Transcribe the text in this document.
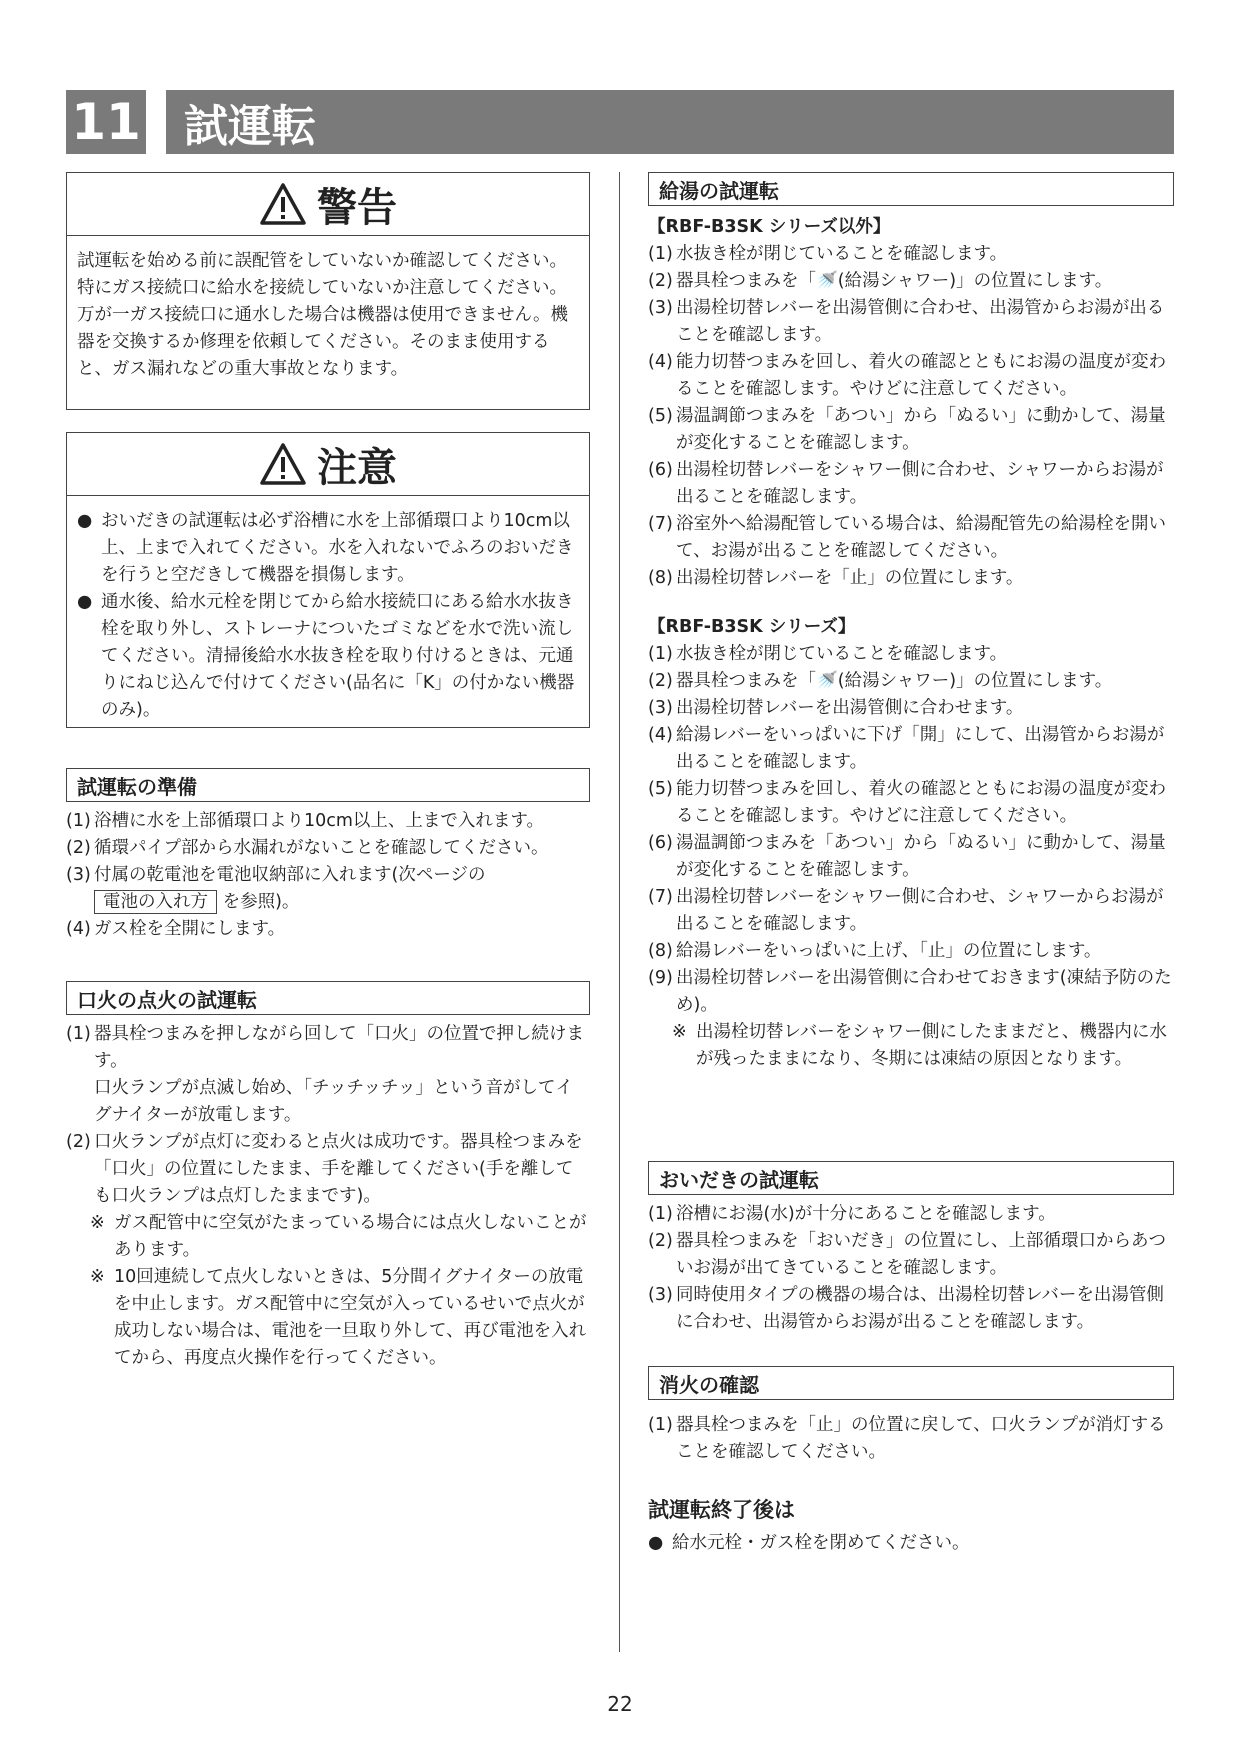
11 試運転
警告

試運転を始める前に誤配管をしていないか確認してください。特にガス接続口に給水を接続していないか注意してください。万が一ガス接続口に通水した場合は機器は使用できません。機器を交換するか修理を依頼してください。そのまま使用すると、ガス漏れなどの重大事故となります。

注意
● おいだきの試運転は必ず浴槽に水を上部循環口より10cm以上、上まで入れてください。水を入れないでふろのおいだきを行うと空だきして機器を損傷します。
● 通水後、給水元栓を閉じてから給水接続口にある給水水抜き栓を取り外し、ストレーナについたゴミなどを水で洗い流してください。清掃後給水水抜き栓を取り付けるときは、元通りにねじ込んで付けてください(品名に「K」の付かない機器のみ)。
試運転の準備
(1) 浴槽に水を上部循環口より10cm以上、上まで入れます。
(2) 循環パイプ部から水漏れがないことを確認してください。
(3) 付属の乾電池を電池収納部に入れます(次ページの 電池の入れ方 を参照)。
(4) ガス栓を全開にします。
口火の点火の試運転
(1) 器具栓つまみを押しながら回して「口火」の位置で押し続けます。
口火ランプが点滅し始め、「チッチッチッ」という音がしてイグナイターが放電します。
(2) 口火ランプが点灯に変わると点火は成功です。器具栓つまみを「口火」の位置にしたまま、手を離してください(手を離しても口火ランプは点灯したままです)。
※ ガス配管中に空気がたまっている場合には点火しないことがあります。
※ 10回連続して点火しないときは、5分間イグナイターの放電を中止します。ガス配管中に空気が入っているせいで点火が成功しない場合は、電池を一旦取り外して、再び電池を入れてから、再度点火操作を行ってください。
給湯の試運転
【RBF-B3SK シリーズ以外】
(1) 水抜き栓が閉じていることを確認します。
(2) 器具栓つまみを「🚿(給湯シャワー)」の位置にします。
(3) 出湯栓切替レバーを出湯管側に合わせ、出湯管からお湯が出ることを確認します。
(4) 能力切替つまみを回し、着火の確認とともにお湯の温度が変わることを確認します。やけどに注意してください。
(5) 湯温調節つまみを「あつい」から「ぬるい」に動かして、湯量が変化することを確認します。
(6) 出湯栓切替レバーをシャワー側に合わせ、シャワーからお湯が出ることを確認します。
(7) 浴室外へ給湯配管している場合は、給湯配管先の給湯栓を開いて、お湯が出ることを確認してください。
(8) 出湯栓切替レバーを「止」の位置にします。
【RBF-B3SK シリーズ】
(1) 水抜き栓が閉じていることを確認します。
(2) 器具栓つまみを「🚿(給湯シャワー)」の位置にします。
(3) 出湯栓切替レバーを出湯管側に合わせます。
(4) 給湯レバーをいっぱいに下げ「開」にして、出湯管からお湯が出ることを確認します。
(5) 能力切替つまみを回し、着火の確認とともにお湯の温度が変わることを確認します。やけどに注意してください。
(6) 湯温調節つまみを「あつい」から「ぬるい」に動かして、湯量が変化することを確認します。
(7) 出湯栓切替レバーをシャワー側に合わせ、シャワーからお湯が出ることを確認します。
(8) 給湯レバーをいっぱいに上げ、「止」の位置にします。
(9) 出湯栓切替レバーを出湯管側に合わせておきます(凍結予防のため)。
※ 出湯栓切替レバーをシャワー側にしたままだと、機器内に水が残ったままになり、冬期には凍結の原因となります。
おいだきの試運転
(1) 浴槽にお湯(水)が十分にあることを確認します。
(2) 器具栓つまみを「おいだき」の位置にし、上部循環口からあついお湯が出てきていることを確認します。
(3) 同時使用タイプの機器の場合は、出湯栓切替レバーを出湯管側に合わせ、出湯管からお湯が出ることを確認します。
消火の確認
(1) 器具栓つまみを「止」の位置に戻して、口火ランプが消灯することを確認してください。
試運転終了後は
● 給水元栓・ガス栓を閉めてください。
22
